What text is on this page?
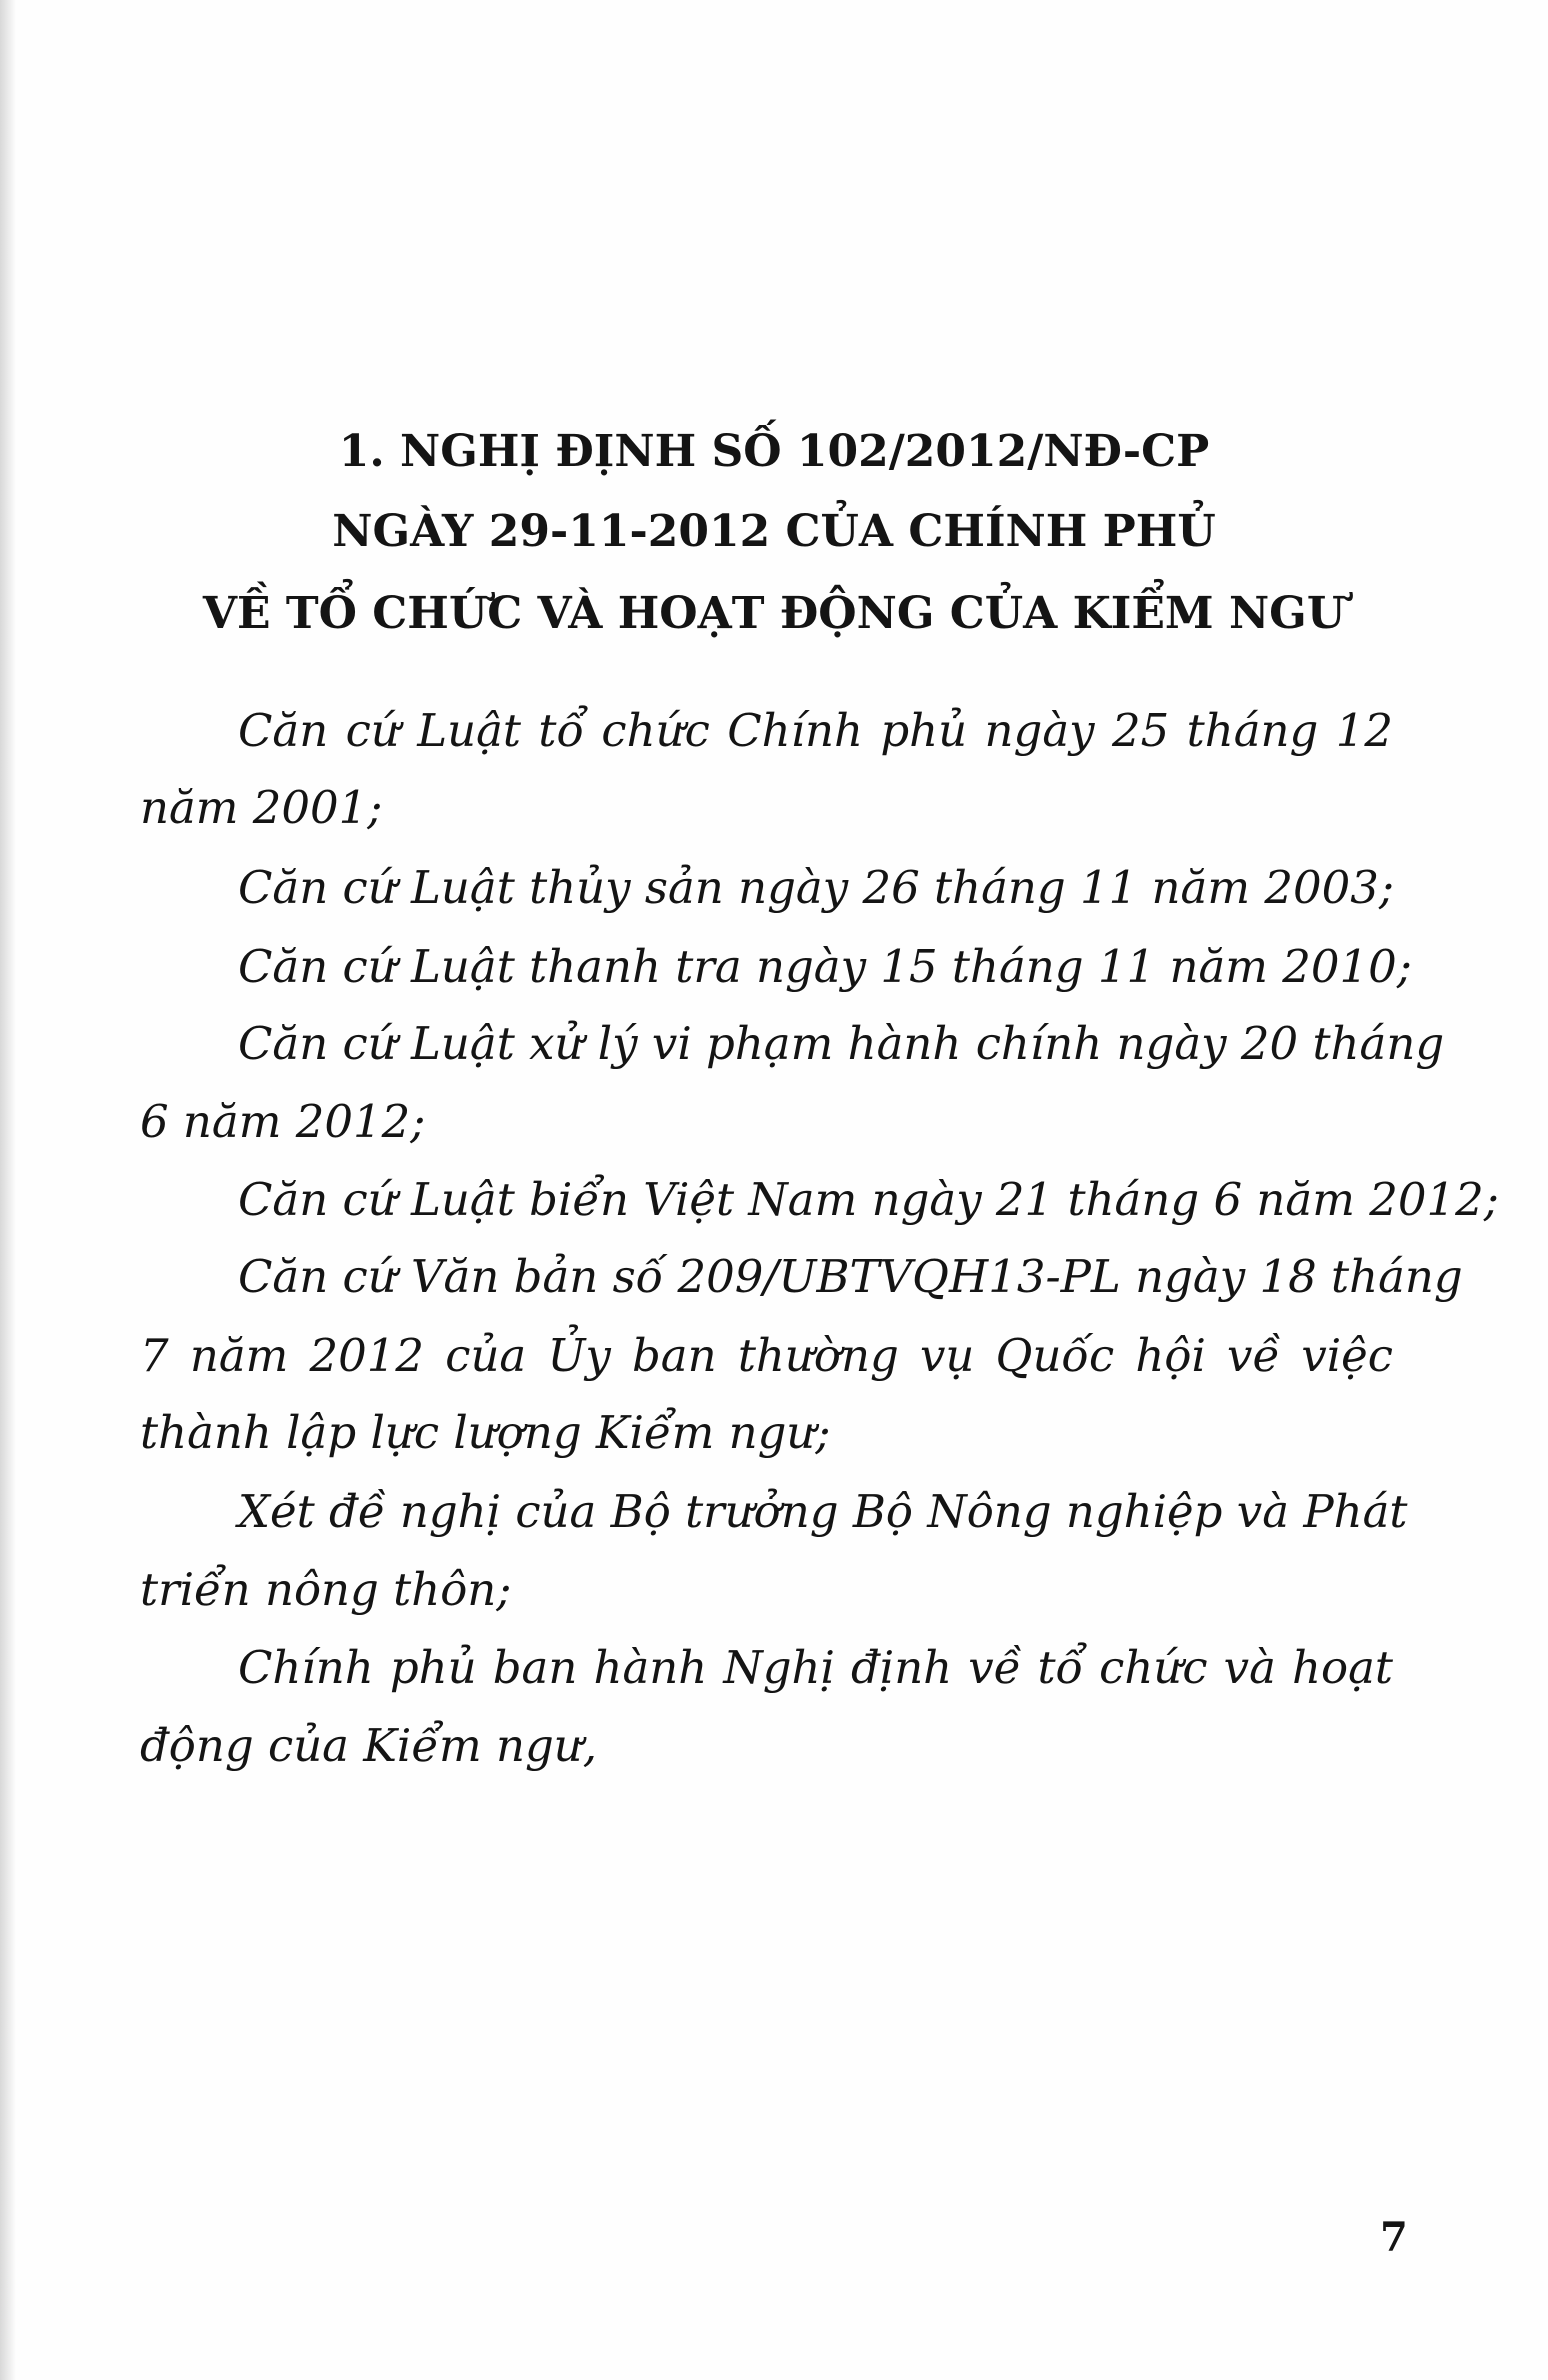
1. NGHỊ ĐỊNH SỐ 102/2012/NĐ-CP
NGÀY 29-11-2012 CỦA CHÍNH PHỦ
VỀ TỔ CHỨC VÀ HOẠT ĐỘNG CỦA KIỂM NGƯ
Căn cứ Luật tổ chức Chính phủ ngày 25 tháng 12
năm 2001;
Căn cứ Luật thủy sản ngày 26 tháng 11 năm 2003;
Căn cứ Luật thanh tra ngày 15 tháng 11 năm 2010;
Căn cứ Luật xử lý vi phạm hành chính ngày 20 tháng
6 năm 2012;
Căn cứ Luật biển Việt Nam ngày 21 tháng 6 năm 2012;
Căn cứ Văn bản số 209/UBTVQH13-PL ngày 18 tháng
7 năm 2012 của Ủy ban thường vụ Quốc hội về việc
thành lập lực lượng Kiểm ngư;
Xét đề nghị của Bộ trưởng Bộ Nông nghiệp và Phát
triển nông thôn;
Chính phủ ban hành Nghị định về tổ chức và hoạt
động của Kiểm ngư,
7
